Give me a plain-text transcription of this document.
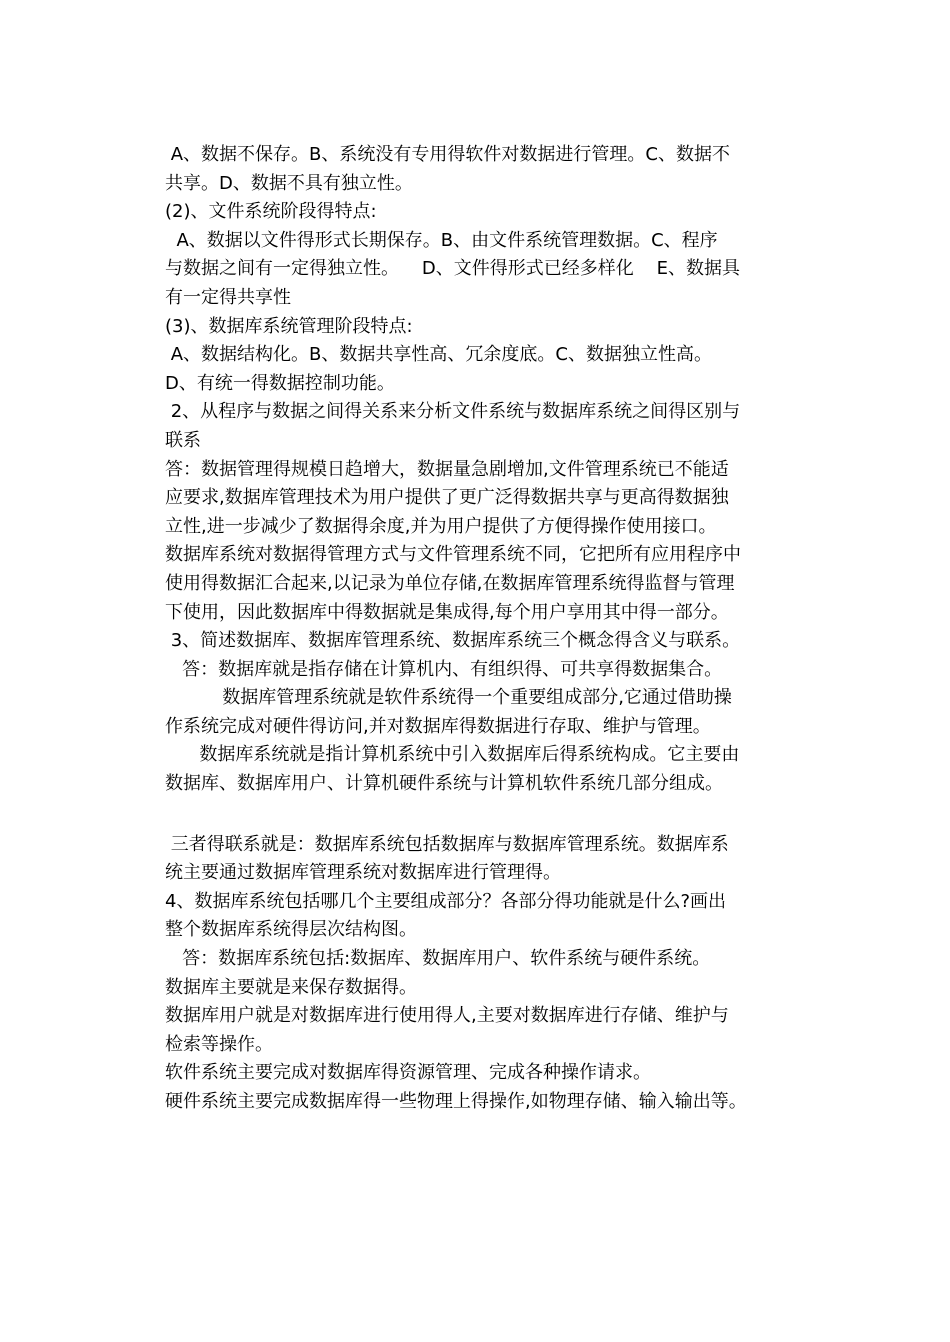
A、数据不保存。B、系统没有专用得软件对数据进行管理。C、数据不
共享。D、数据不具有独立性。
(2)、文件系统阶段得特点:
A、数据以文件得形式长期保存。B、由文件系统管理数据。C、程序
与数据之间有一定得独立性。    D、文件得形式已经多样化    E、数据具
有一定得共享性
(3)、数据库系统管理阶段特点:
A、数据结构化。B、数据共享性高、冗余度底。C、数据独立性高。
D、有统一得数据控制功能。
2、从程序与数据之间得关系来分析文件系统与数据库系统之间得区别与
联系
答：数据管理得规模日趋增大，数据量急剧增加,文件管理系统已不能适
应要求,数据库管理技术为用户提供了更广泛得数据共享与更高得数据独
立性,进一步减少了数据得余度,并为用户提供了方便得操作使用接口。
数据库系统对数据得管理方式与文件管理系统不同，它把所有应用程序中
使用得数据汇合起来,以记录为单位存储,在数据库管理系统得监督与管理
下使用，因此数据库中得数据就是集成得,每个用户享用其中得一部分。
3、简述数据库、数据库管理系统、数据库系统三个概念得含义与联系。
答：数据库就是指存储在计算机内、有组织得、可共享得数据集合。
数据库管理系统就是软件系统得一个重要组成部分,它通过借助操
作系统完成对硬件得访问,并对数据库得数据进行存取、维护与管理。
数据库系统就是指计算机系统中引入数据库后得系统构成。它主要由
数据库、数据库用户、计算机硬件系统与计算机软件系统几部分组成。
三者得联系就是：数据库系统包括数据库与数据库管理系统。数据库系
统主要通过数据库管理系统对数据库进行管理得。
4、数据库系统包括哪几个主要组成部分？各部分得功能就是什么?画出
整个数据库系统得层次结构图。
答：数据库系统包括:数据库、数据库用户、软件系统与硬件系统。
数据库主要就是来保存数据得。
数据库用户就是对数据库进行使用得人,主要对数据库进行存储、维护与
检索等操作。
软件系统主要完成对数据库得资源管理、完成各种操作请求。
硬件系统主要完成数据库得一些物理上得操作,如物理存储、输入输出等。
